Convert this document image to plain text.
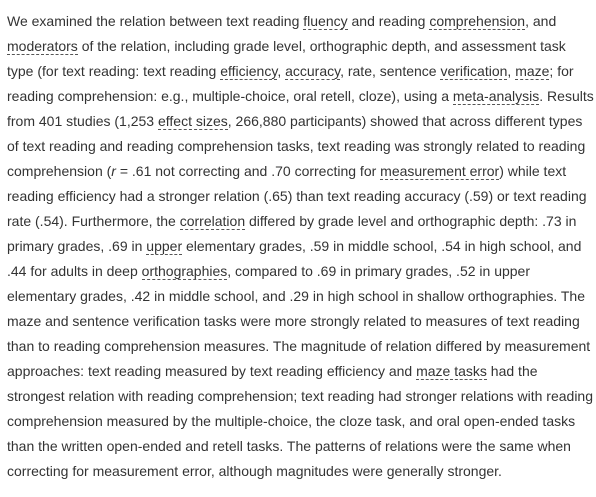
We examined the relation between text reading fluency and reading comprehension, and
moderators of the relation, including grade level, orthographic depth, and assessment task
type (for text reading: text reading efficiency, accuracy, rate, sentence verification, maze; for
reading comprehension: e.g., multiple-choice, oral retell, cloze), using a meta-analysis. Results
from 401 studies (1,253 effect sizes, 266,880 participants) showed that across different types
of text reading and reading comprehension tasks, text reading was strongly related to reading
comprehension (r = .61 not correcting and .70 correcting for measurement error) while text
reading efficiency had a stronger relation (.65) than text reading accuracy (.59) or text reading
rate (.54). Furthermore, the correlation differed by grade level and orthographic depth: .73 in
primary grades, .69 in upper elementary grades, .59 in middle school, .54 in high school, and
.44 for adults in deep orthographies, compared to .69 in primary grades, .52 in upper
elementary grades, .42 in middle school, and .29 in high school in shallow orthographies. The
maze and sentence verification tasks were more strongly related to measures of text reading
than to reading comprehension measures. The magnitude of relation differed by measurement
approaches: text reading measured by text reading efficiency and maze tasks had the
strongest relation with reading comprehension; text reading had stronger relations with reading
comprehension measured by the multiple-choice, the cloze task, and oral open-ended tasks
than the written open-ended and retell tasks. The patterns of relations were the same when
correcting for measurement error, although magnitudes were generally stronger.
